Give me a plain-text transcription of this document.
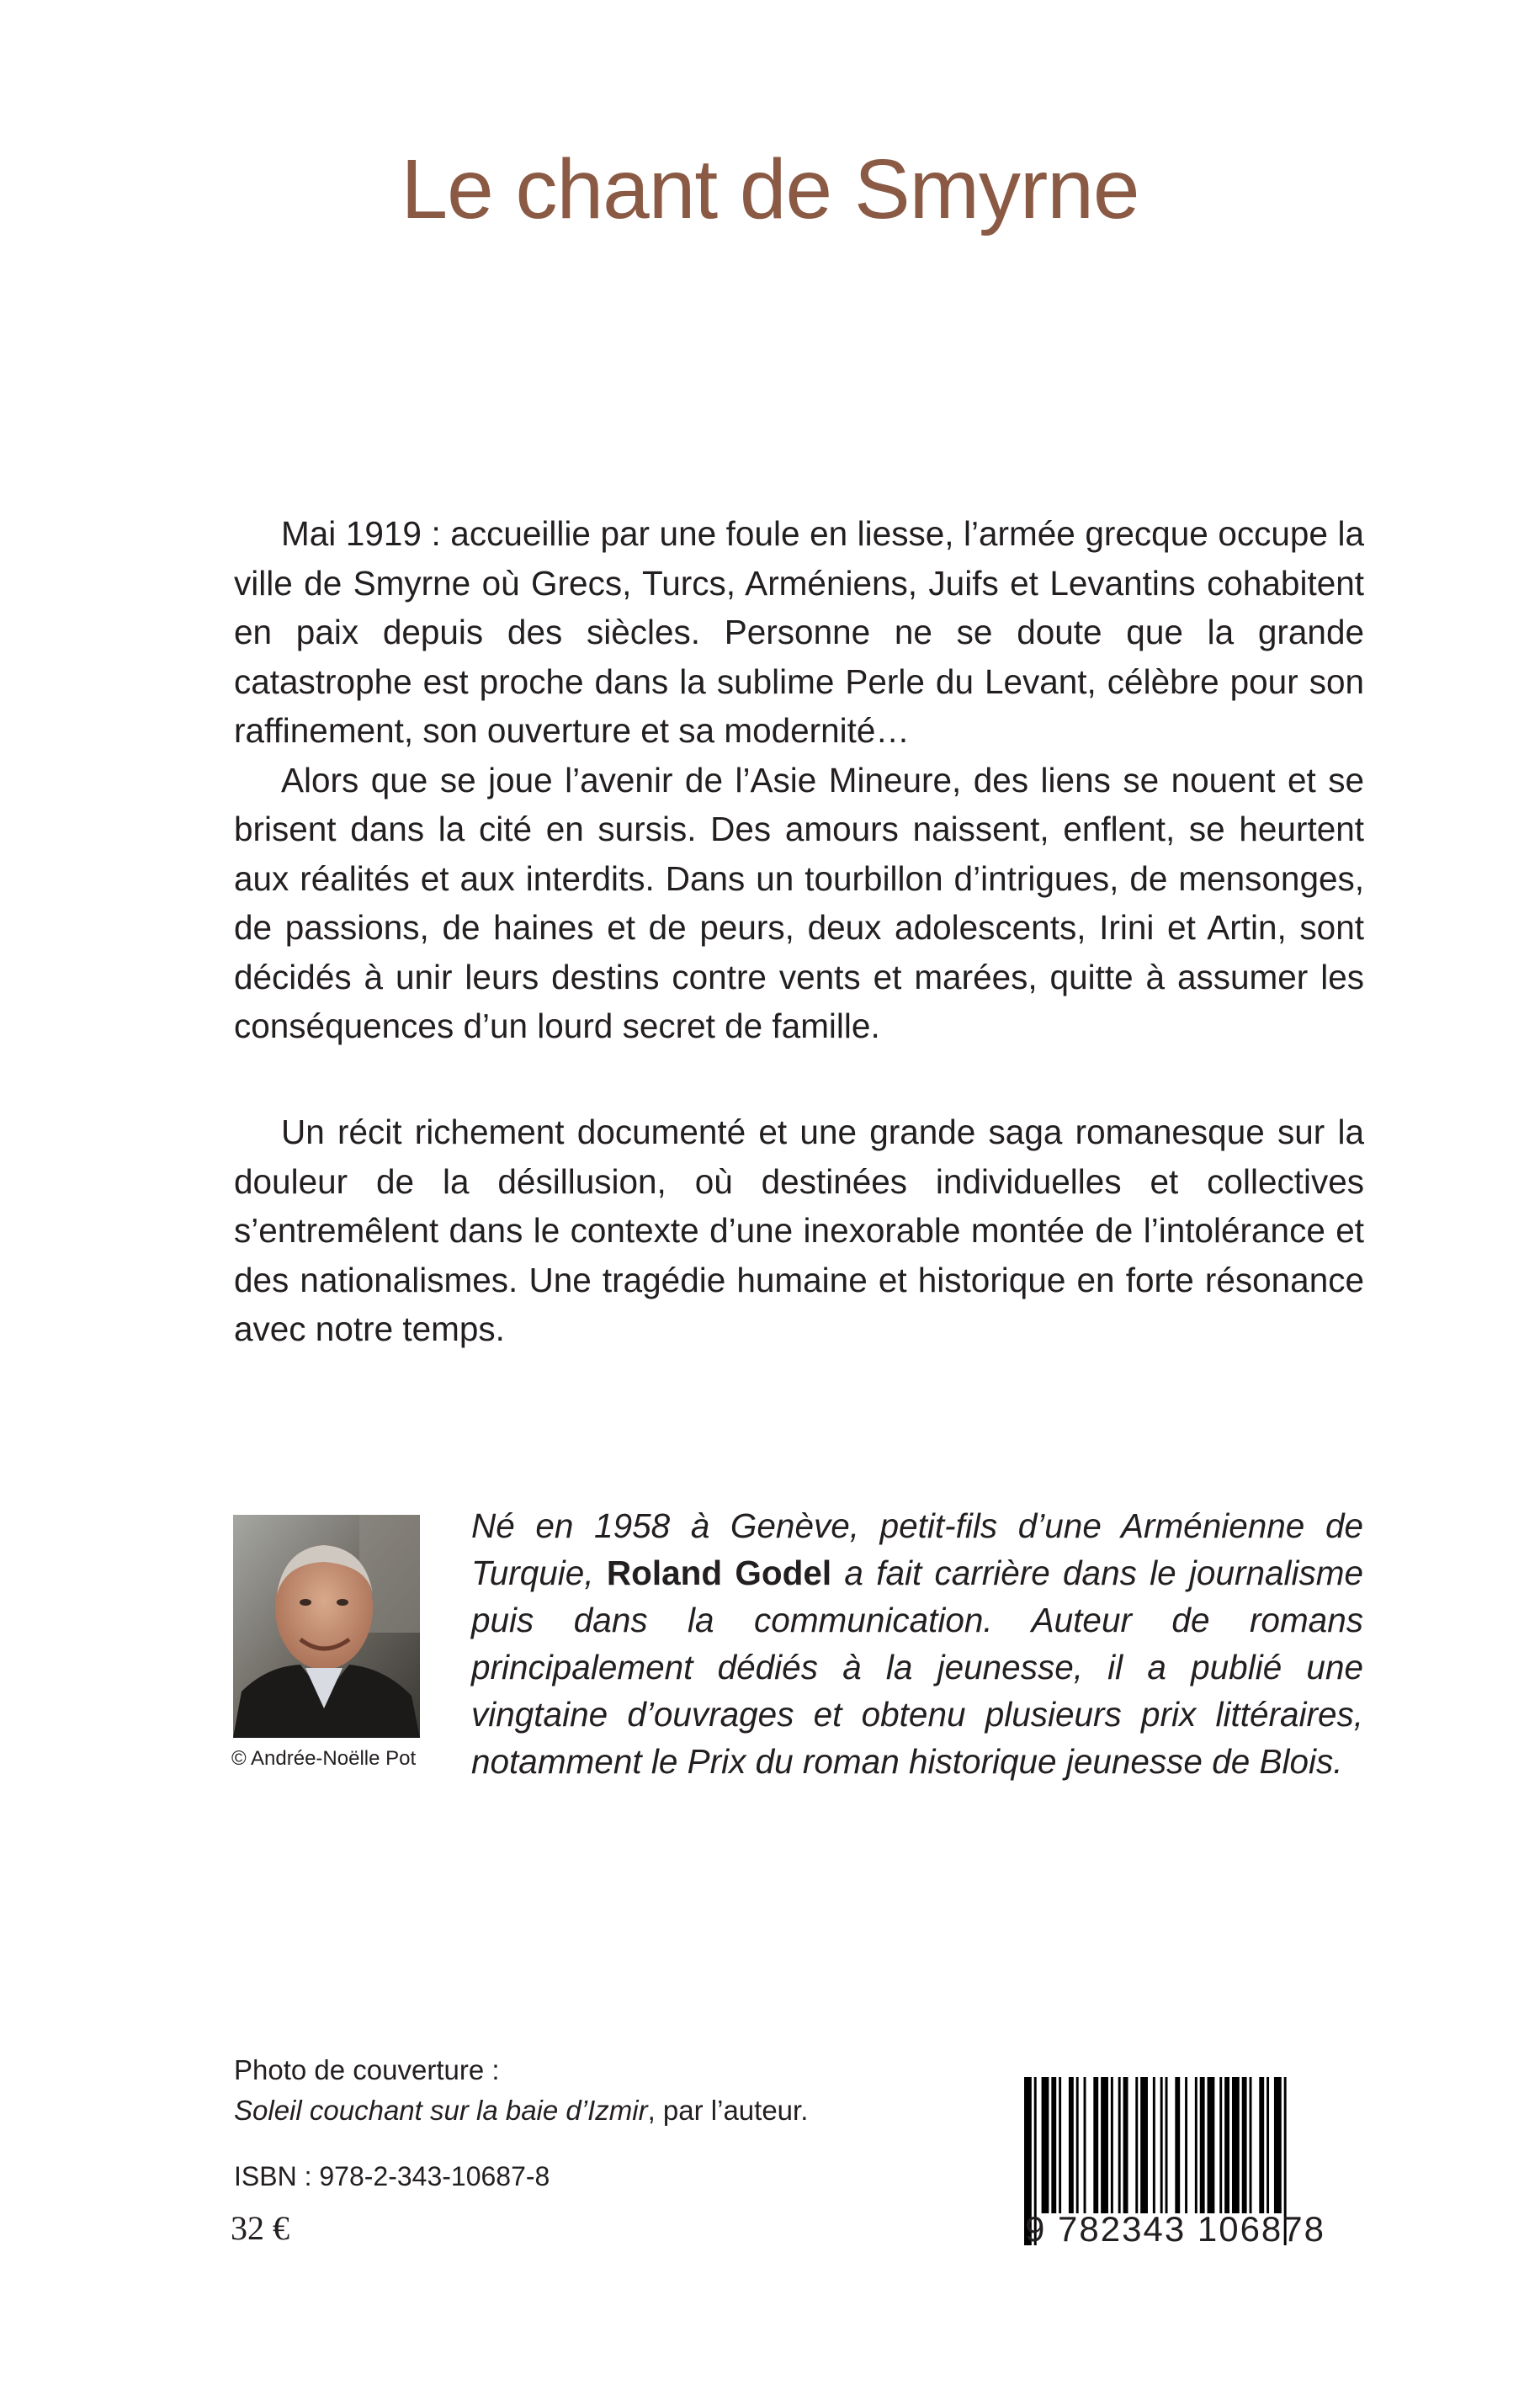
Le chant de Smyrne

Mai 1919 : accueillie par une foule en liesse, l’armée grecque occupe la ville de Smyrne où Grecs, Turcs, Arméniens, Juifs et Levantins cohabitent en paix depuis des siècles. Personne ne se doute que la grande catastrophe est proche dans la sublime Perle du Levant, célèbre pour son raffinement, son ouverture et sa modernité…

Alors que se joue l’avenir de l’Asie Mineure, des liens se nouent et se brisent dans la cité en sursis. Des amours naissent, enflent, se heurtent aux réalités et aux interdits. Dans un tourbillon d’intrigues, de mensonges, de passions, de haines et de peurs, deux adolescents, Irini et Artin, sont décidés à unir leurs destins contre vents et marées, quitte à assumer les conséquences d’un lourd secret de famille.

Un récit richement documenté et une grande saga romanesque sur la douleur de la désillusion, où destinées individuelles et collectives s’entremêlent dans le contexte d’une inexorable montée de l’intolérance et des nationalismes. Une tragédie humaine et historique en forte résonance avec notre temps.

© Andrée-Noëlle Pot
Né en 1958 à Genève, petit-fils d’une Arménienne de Turquie, Roland Godel a fait carrière dans le journalisme puis dans la communication. Auteur de romans principalement dédiés à la jeunesse, il a publié une vingtaine d’ouvrages et obtenu plusieurs prix littéraires, notamment le Prix du roman historique jeunesse de Blois.
Photo de couverture :
Soleil couchant sur la baie d’Izmir, par l’auteur.
ISBN : 978-2-343-10687-8
32 €	9 782343 106878
